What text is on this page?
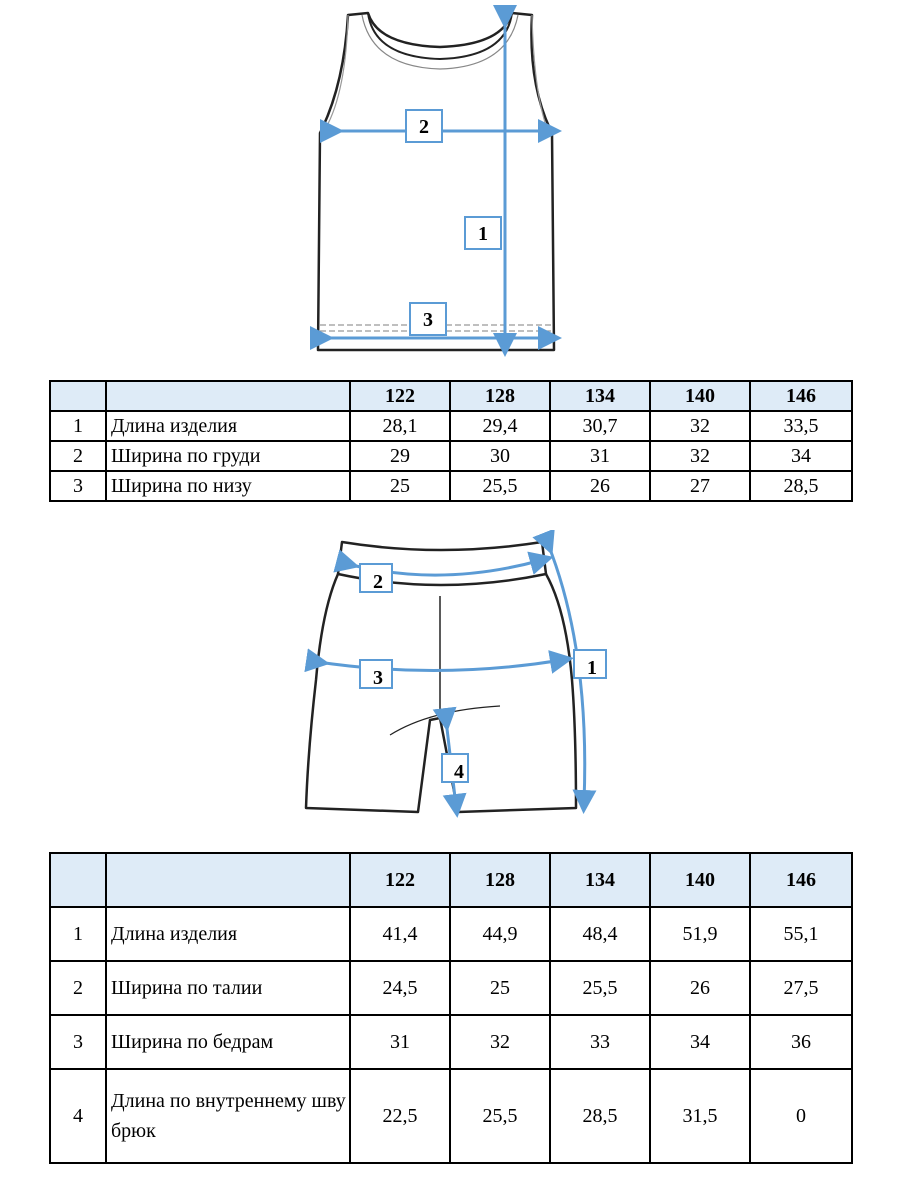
2
1
3
		122	128	134	140	146
1	Длина изделия	28,1	29,4	30,7	32	33,5
2	Ширина по груди	29	30	31	32	34
3	Ширина по низу	25	25,5	26	27	28,5
2
3	1
4
		122	128	134	140	146
1	Длина изделия	41,4	44,9	48,4	51,9	55,1
2	Ширина по талии	24,5	25	25,5	26	27,5
3	Ширина по бедрам	31	32	33	34	36
4	Длина по внутреннему шву брюк	22,5	25,5	28,5	31,5	0
